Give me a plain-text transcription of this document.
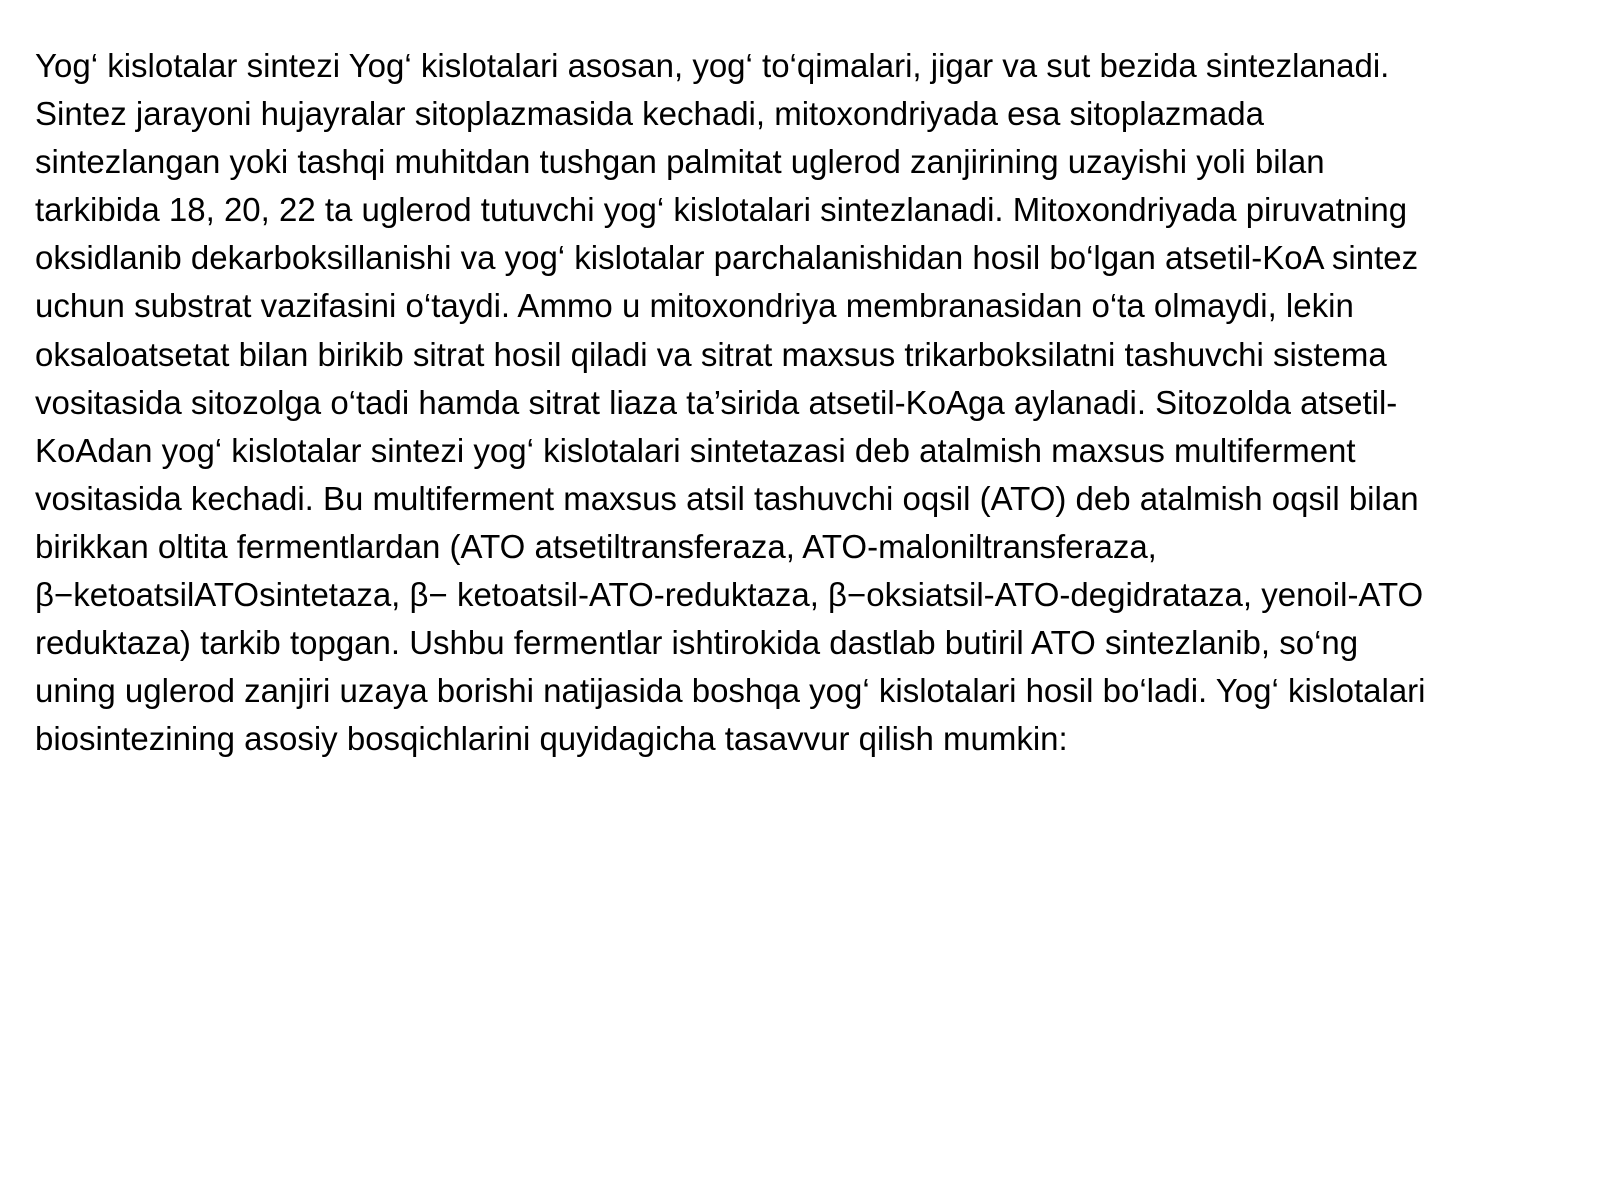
Yog‘ kislotalar sintezi Yog‘ kislotalari asosan, yog‘ to‘qimalari, jigar va sut bezida sintezlanadi.
Sintez jarayoni hujayralar sitoplazmasida kechadi, mitoxondriyada esa sitoplazmada
sintezlangan yoki tashqi muhitdan tushgan palmitat uglerod zanjirining uzayishi yoli bilan
tarkibida 18, 20, 22 ta uglerod tutuvchi yog‘ kislotalari sintezlanadi. Mitoxondriyada piruvatning
oksidlanib dekarboksillanishi va yog‘ kislotalar parchalanishidan hosil bo‘lgan atsetil-KoA sintez
uchun substrat vazifasini o‘taydi. Ammo u mitoxondriya membranasidan o‘ta olmaydi, lekin
oksaloatsetat bilan birikib sitrat hosil qiladi va sitrat maxsus trikarboksilatni tashuvchi sistema
vositasida sitozolga o‘tadi hamda sitrat liaza ta’sirida atsetil-KoAga aylanadi. Sitozolda atsetil-
KoAdan yog‘ kislotalar sintezi yog‘ kislotalari sintetazasi deb atalmish maxsus multiferment
vositasida kechadi. Bu multiferment maxsus atsil tashuvchi oqsil (ATO) deb atalmish oqsil bilan
birikkan oltita fermentlardan (ATO atsetiltransferaza, ATO-maloniltransferaza,
β−ketoatsilATOsintetaza, β− ketoatsil-ATO-reduktaza, β−oksiatsil-ATO-degidrataza, yenoil-ATO
reduktaza) tarkib topgan. Ushbu fermentlar ishtirokida dastlab butiril ATO sintezlanib, so‘ng
uning uglerod zanjiri uzaya borishi natijasida boshqa yog‘ kislotalari hosil bo‘ladi. Yog‘ kislotalari
biosintezining asosiy bosqichlarini quyidagicha tasavvur qilish mumkin:
